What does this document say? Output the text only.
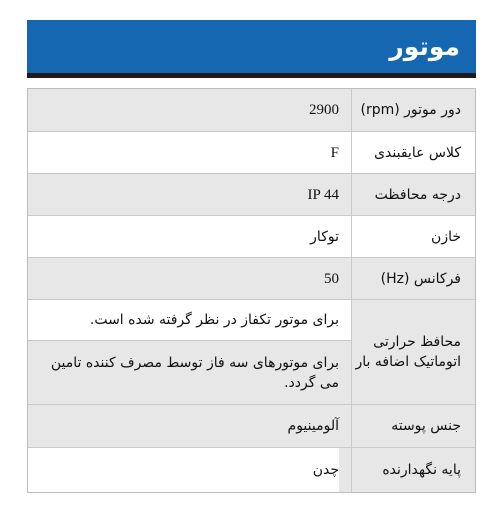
موتور
دور موتور (rpm)
2900
کلاس عایقبندی
F
درجه محافظت
IP 44
خازن
توکار
فرکانس (Hz)
50
محافظ حرارتی اتوماتیک اضافه بار
برای موتور تکفاز در نظر گرفته شده است.
برای موتورهای سه فاز توسط مصرف کننده تامین می گردد.
جنس پوسته
آلومینیوم
پایه نگهدارنده
چدن
